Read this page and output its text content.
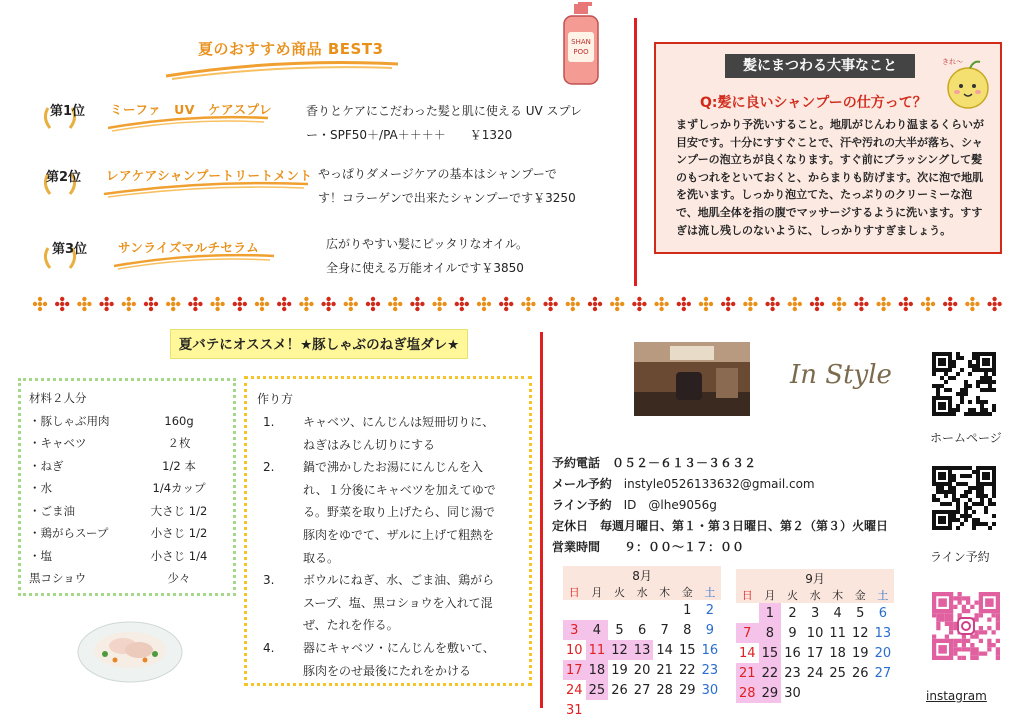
夏のおすすめ商品 BEST3
第1位 ミーファ　UV　ケアスプレ	香りとケアにこだわった髪と肌に使える UV スプレ
ー・SPF50＋/PA＋＋＋＋　　￥1320
第2位 レアケアシャンプートリートメント やっぱりダメージケアの基本はシャンプーで
す！コラーゲンで出来たシャンプーです￥3250
第3位 サンライズマルチセラム	広がりやすい髪にピッタリなオイル。
全身に使える万能オイルです￥3850
SHAN
POO
髪にまつわる大事なこと
Q:髪に良いシャンプーの仕方って？
まずしっかり予洗いすること。地肌がじんわり温まるくらいが目安です。十分にすすぐことで、汗や汚れの大半が落ち、シャンプーの泡立ちが良くなります。すぐ前にブラッシングして髪のもつれをといておくと、からまりも防げます。次に泡で地肌を洗います。しっかり泡立てた、たっぷりのクリーミーな泡で、地肌全体を指の腹でマッサージするように洗います。すすぎは流し残しのないように、しっかりすすぎましょう。
きれ〜
夏バテにオススメ！★豚しゃぶのねぎ塩ダレ★
材料２人分
・豚しゃぶ用肉	160g
・キャベツ	２枚
・ねぎ	1/2 本
・水	1/4カップ
・ごま油	大さじ 1/2
・鶏がらスープ	小さじ 1/2
・塩	小さじ 1/4
黒コショウ	少々
作り方
1.	キャベツ、にんじんは短冊切りに、
ねぎはみじん切りにする
2.	鍋で沸かしたお湯ににんじんを入
れ、１分後にキャベツを加えてゆで
る。野菜を取り上げたら、同じ湯で
豚肉をゆでて、ザルに上げて粗熱を
取る。
3.	ボウルにねぎ、水、ごま油、鶏がら
スープ、塩、黒コショウを入れて混
ぜ、たれを作る。
4.	器にキャベツ・にんじんを敷いて、
豚肉をのせ最後にたれをかける
In Style
予約電話　０５２－６１３－３６３２
メール予約　instyle0526133632@gmail.com
ライン予約　ID　@lhe9056g
定休日　毎週月曜日、第１・第３日曜日、第２（第３）火曜日
営業時間　　９：００～１７：００
ホームページ
ライン予約
instagram
8月						
日	月	火	水	木	金	土
					1	2
3	4	5	6	7	8	9
10	11	12	13	14	15	16
17	18	19	20	21	22	23
24	25	26	27	28	29	30
31						
9月						
日	月	火	水	木	金	土
	1	2	3	4	5	6
7	8	9	10	11	12	13
14	15	16	17	18	19	20
21	22	23	24	25	26	27
28	29	30				
